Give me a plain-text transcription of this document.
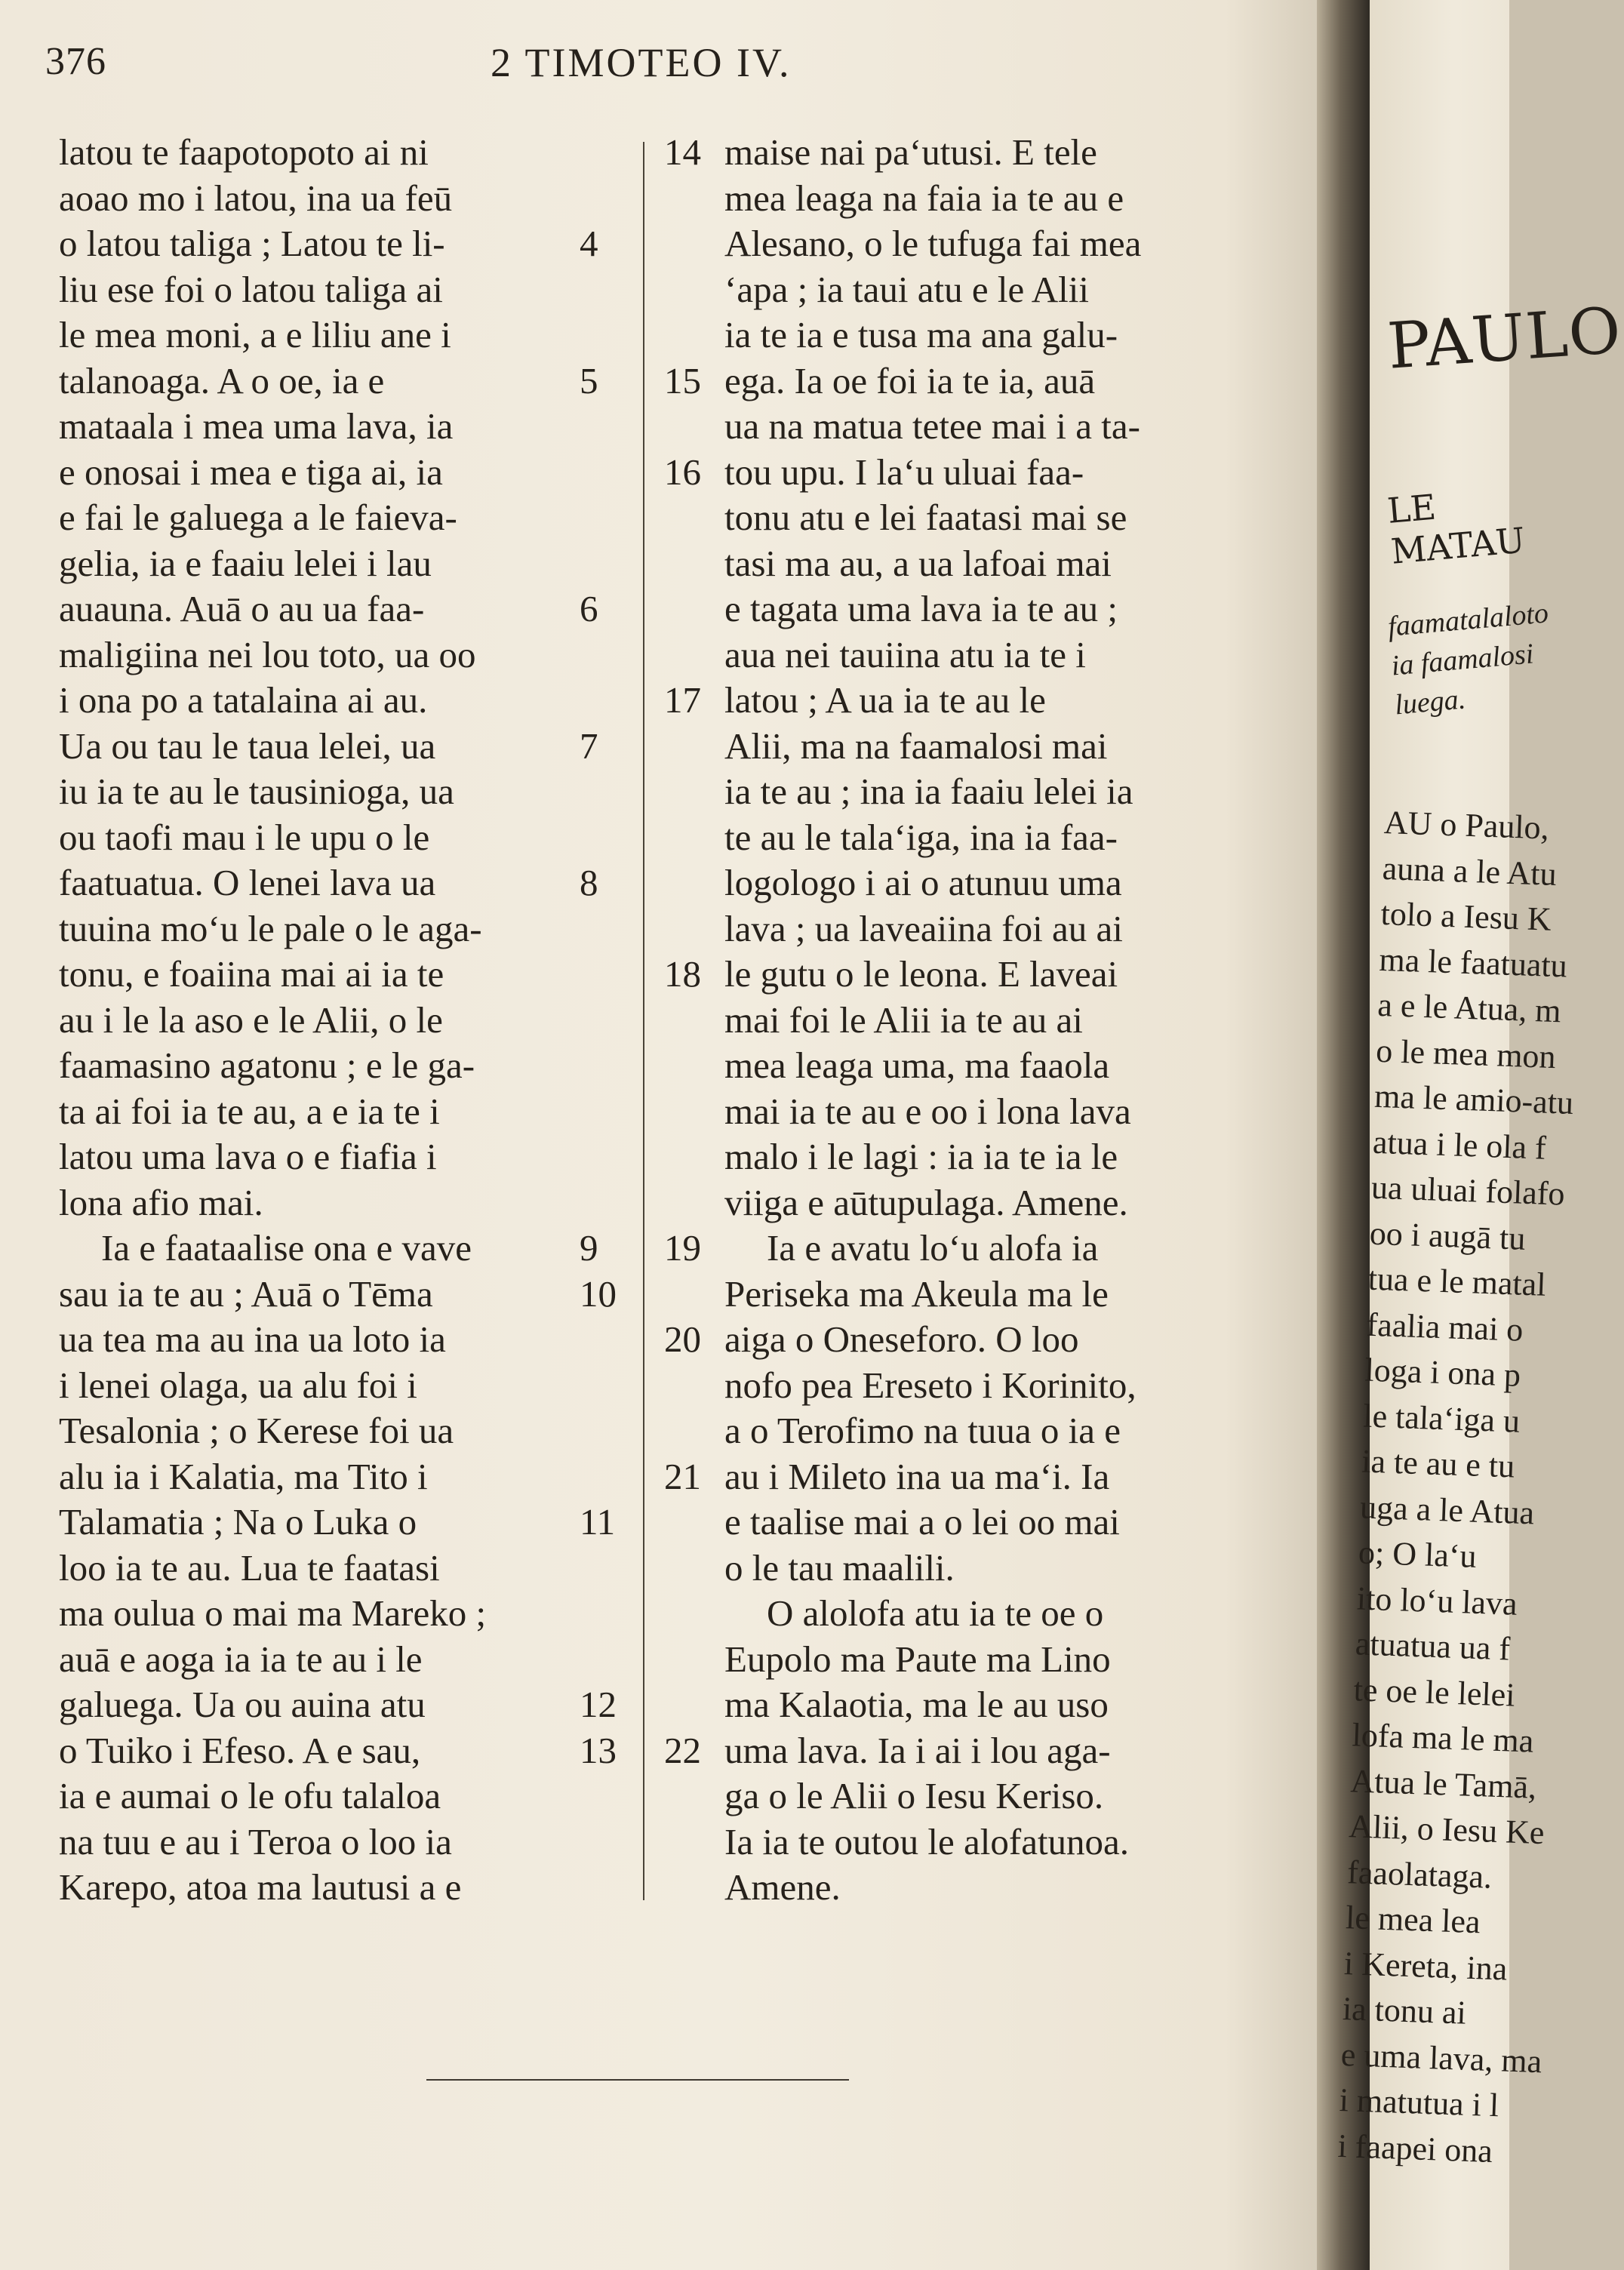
376	2 TIMOTEO IV.
latou te faapotopoto ai ni
aoao mo i latou, ina ua feū
o latou taliga ; Latou te li-	4
liu ese foi o latou taliga ai
le mea moni, a e liliu ane i
talanoaga. A o oe, ia e	5
mataala i mea uma lava, ia
e onosai i mea e tiga ai, ia
e fai le galuega a le faieva-
gelia, ia e faaiu lelei i lau
auauna. Auā o au ua faa-	6
maligiina nei lou toto, ua oo
i ona po a tatalaina ai au.
Ua ou tau le taua lelei, ua	7
iu ia te au le tausinioga, ua
ou taofi mau i le upu o le
faatuatua. O lenei lava ua	8
tuuina mo‘u le pale o le aga-
tonu, e foaiina mai ai ia te
au i le la aso e le Alii, o le
faamasino agatonu ; e le ga-
ta ai foi ia te au, a e ia te i
latou uma lava o e fiafia i
lona afio mai.
Ia e faataalise ona e vave	9
sau ia te au ; Auā o Tēma	10
ua tea ma au ina ua loto ia
i lenei olaga, ua alu foi i
Tesalonia ; o Kerese foi ua
alu ia i Kalatia, ma Tito i
Talamatia ; Na o Luka o	11
loo ia te au. Lua te faatasi
ma oulua o mai ma Mareko ;
auā e aoga ia ia te au i le
galuega. Ua ou auina atu	12
o Tuiko i Efeso. A e sau,	13
ia e aumai o le ofu talaloa
na tuu e au i Teroa o loo ia
Karepo, atoa ma lautusi a e
14 maise nai pa‘utusi. E tele
mea leaga na faia ia te au e
Alesano, o le tufuga fai mea
‘apa ; ia taui atu e le Alii
ia te ia e tusa ma ana galu-
15 ega. Ia oe foi ia te ia, auā
ua na matua tetee mai i a ta-
16 tou upu. I la‘u uluai faa-
tonu atu e lei faatasi mai se
tasi ma au, a ua lafoai mai
e tagata uma lava ia te au ;
aua nei tauiina atu ia te i
17 latou ; A ua ia te au le
Alii, ma na faamalosi mai
ia te au ; ina ia faaiu lelei ia
te au le tala‘iga, ina ia faa-
logologo i ai o atunuu uma
lava ; ua laveaiina foi au ai
18 le gutu o le leona. E laveai
mai foi le Alii ia te au ai
mea leaga uma, ma faaola
mai ia te au e oo i lona lava
malo i le lagi : ia ia te ia le
viiga e aūtupulaga. Amene.
19	Ia e avatu lo‘u alofa ia
Periseka ma Akeula ma le
20 aiga o Oneseforo. O loo
nofo pea Ereseto i Korinito,
a o Terofimo na tuua o ia e
21 au i Mileto ina ua ma‘i. Ia
e taalise mai a o lei oo mai
o le tau maalili.
O alolofa atu ia te oe o
Eupolo ma Paute ma Lino
ma Kalaotia, ma le au uso
22 uma lava. Ia i ai i lou aga-
ga o le Alii o Iesu Keriso.
Ia ia te outou le alofatunoa.
Amene.
PAULO
LE MATAU
faamatalaloto
ia faamalosi
luega.
AU o Paulo,
auna a le Atu
tolo a Iesu K
ma le faatuatu
a e le Atua, m
o le mea mon
ma le amio-atu
atua i le ola f
ua uluai folafo
oo i augā tu
tua e le matal
faalia mai o
loga i ona p
le tala‘iga u
ia te au e tu
uga a le Atua
o; O la‘u
ito lo‘u lava
atuatua ua f
te oe le lelei
lofa ma le ma
Atua le Tamā,
Alii, o Iesu Ke
faaolataga.
le mea lea
i Kereta, ina
ia tonu ai
e uma lava, ma
i matutua i l
i faapei ona
